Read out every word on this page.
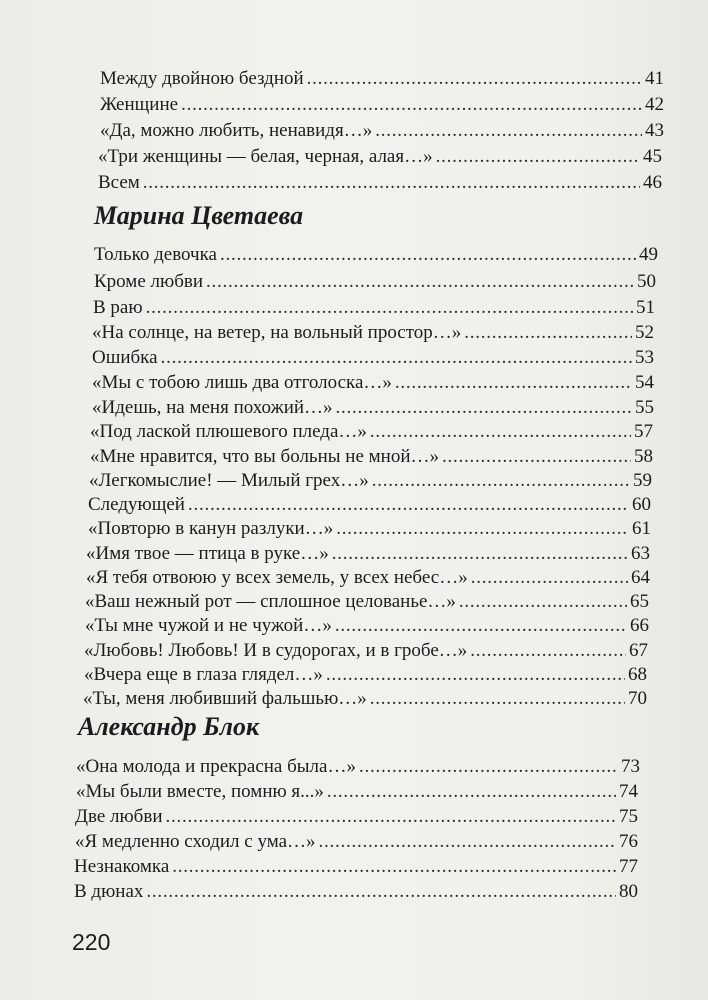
Между двойною бездной . . .	41
Женщине . . .	42
«Да, можно любить, ненавидя…» . . .	43
«Три женщины — белая, черная, алая…» . . .	45
Всем . . .	46
Марина Цветаева
Только девочка . . .	49
Кроме любви . . .	50
В раю . . .	51
«На солнце, на ветер, на вольный простор…» . . .	52
Ошибка . . .	53
«Мы с тобою лишь два отголоска…» . . .	54
«Идешь, на меня похожий…» . . .	55
«Под лаской плюшевого пледа…» . . .	57
«Мне нравится, что вы больны не мной…» . . .	58
«Легкомыслие! — Милый грех…» . . .	59
Следующей . . .	60
«Повторю в канун разлуки…» . . .	61
«Имя твое — птица в руке…» . . .	63
«Я тебя отвоюю у всех земель, у всех небес…» . . .	64
«Ваш нежный рот — сплошное целованье…» . . .	65
«Ты мне чужой и не чужой…» . . .	66
«Любовь! Любовь! И в судорогах, и в гробе…» . . .	67
«Вчера еще в глаза глядел…» . . .	68
«Ты, меня любивший фальшью…» . . .	70
Александр Блок
«Она молода и прекрасна была…» . . .	73
«Мы были вместе, помню я...» . . .	74
Две любви . . .	75
«Я медленно сходил с ума…» . . .	76
Незнакомка . . .	77
В дюнах . . .	80
220
